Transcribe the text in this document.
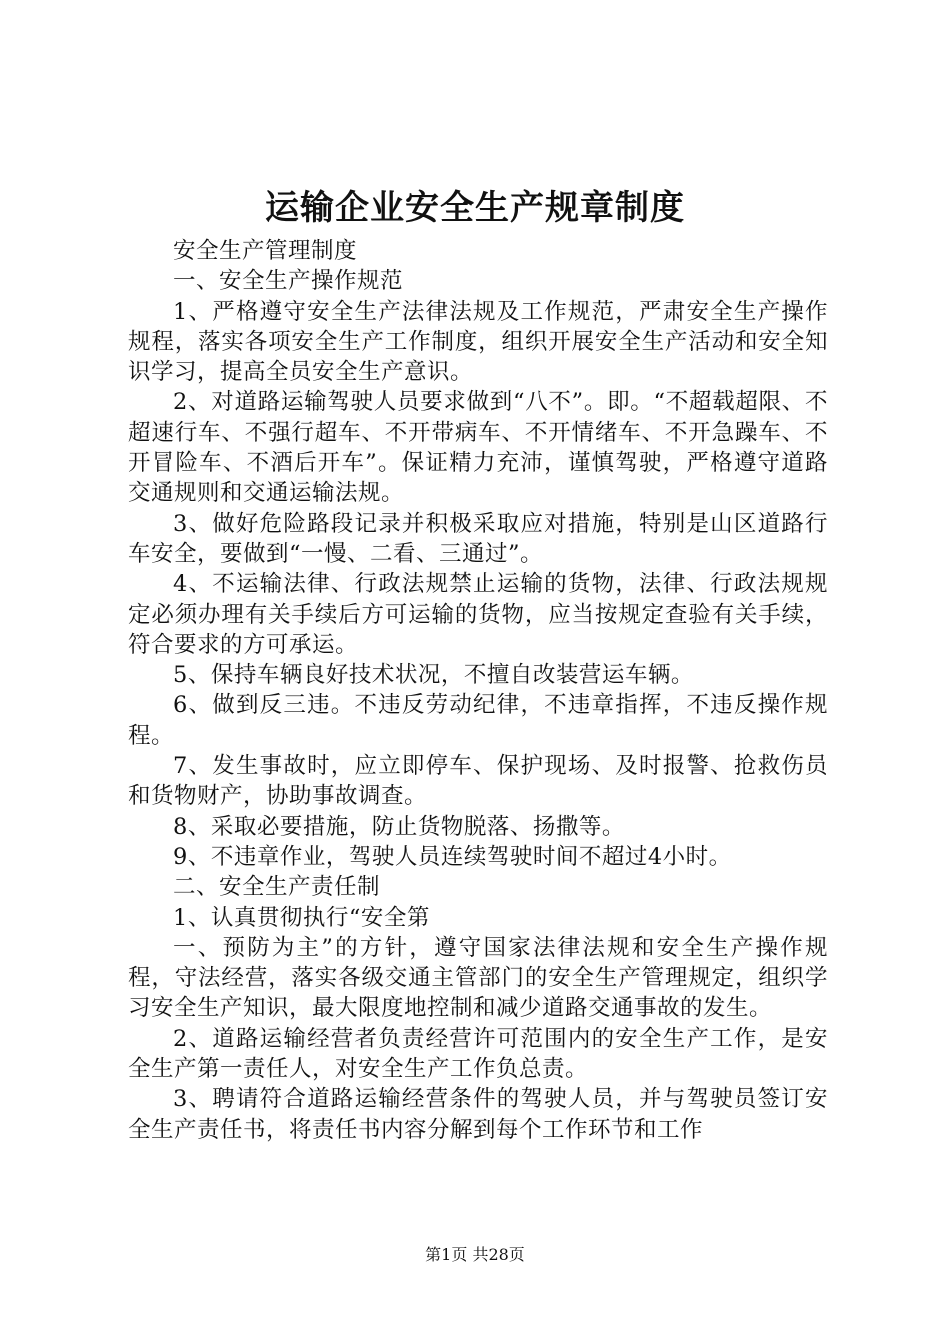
运输企业安全生产规章制度

安全生产管理制度

一、安全生产操作规范

1、严格遵守安全生产法律法规及工作规范，严肃安全生产操作规程，落实各项安全生产工作制度，组织开展安全生产活动和安全知识学习，提高全员安全生产意识。

2、对道路运输驾驶人员要求做到“八不”。即。“不超载超限、不超速行车、不强行超车、不开带病车、不开情绪车、不开急躁车、不开冒险车、不酒后开车”。保证精力充沛，谨慎驾驶，严格遵守道路交通规则和交通运输法规。

3、做好危险路段记录并积极采取应对措施，特别是山区道路行车安全，要做到“一慢、二看、三通过”。

4、不运输法律、行政法规禁止运输的货物，法律、行政法规规定必须办理有关手续后方可运输的货物，应当按规定查验有关手续，符合要求的方可承运。

5、保持车辆良好技术状况，不擅自改装营运车辆。

6、做到反三违。不违反劳动纪律，不违章指挥，不违反操作规程。

7、发生事故时，应立即停车、保护现场、及时报警、抢救伤员和货物财产，协助事故调查。

8、采取必要措施，防止货物脱落、扬撒等。

9、不违章作业，驾驶人员连续驾驶时间不超过4小时。

二、安全生产责任制

1、认真贯彻执行“安全第

一、预防为主”的方针，遵守国家法律法规和安全生产操作规程，守法经营，落实各级交通主管部门的安全生产管理规定，组织学习安全生产知识，最大限度地控制和减少道路交通事故的发生。

2、道路运输经营者负责经营许可范围内的安全生产工作，是安全生产第一责任人，对安全生产工作负总责。

3、聘请符合道路运输经营条件的驾驶人员，并与驾驶员签订安全生产责任书，将责任书内容分解到每个工作环节和工作

第1页 共28页
